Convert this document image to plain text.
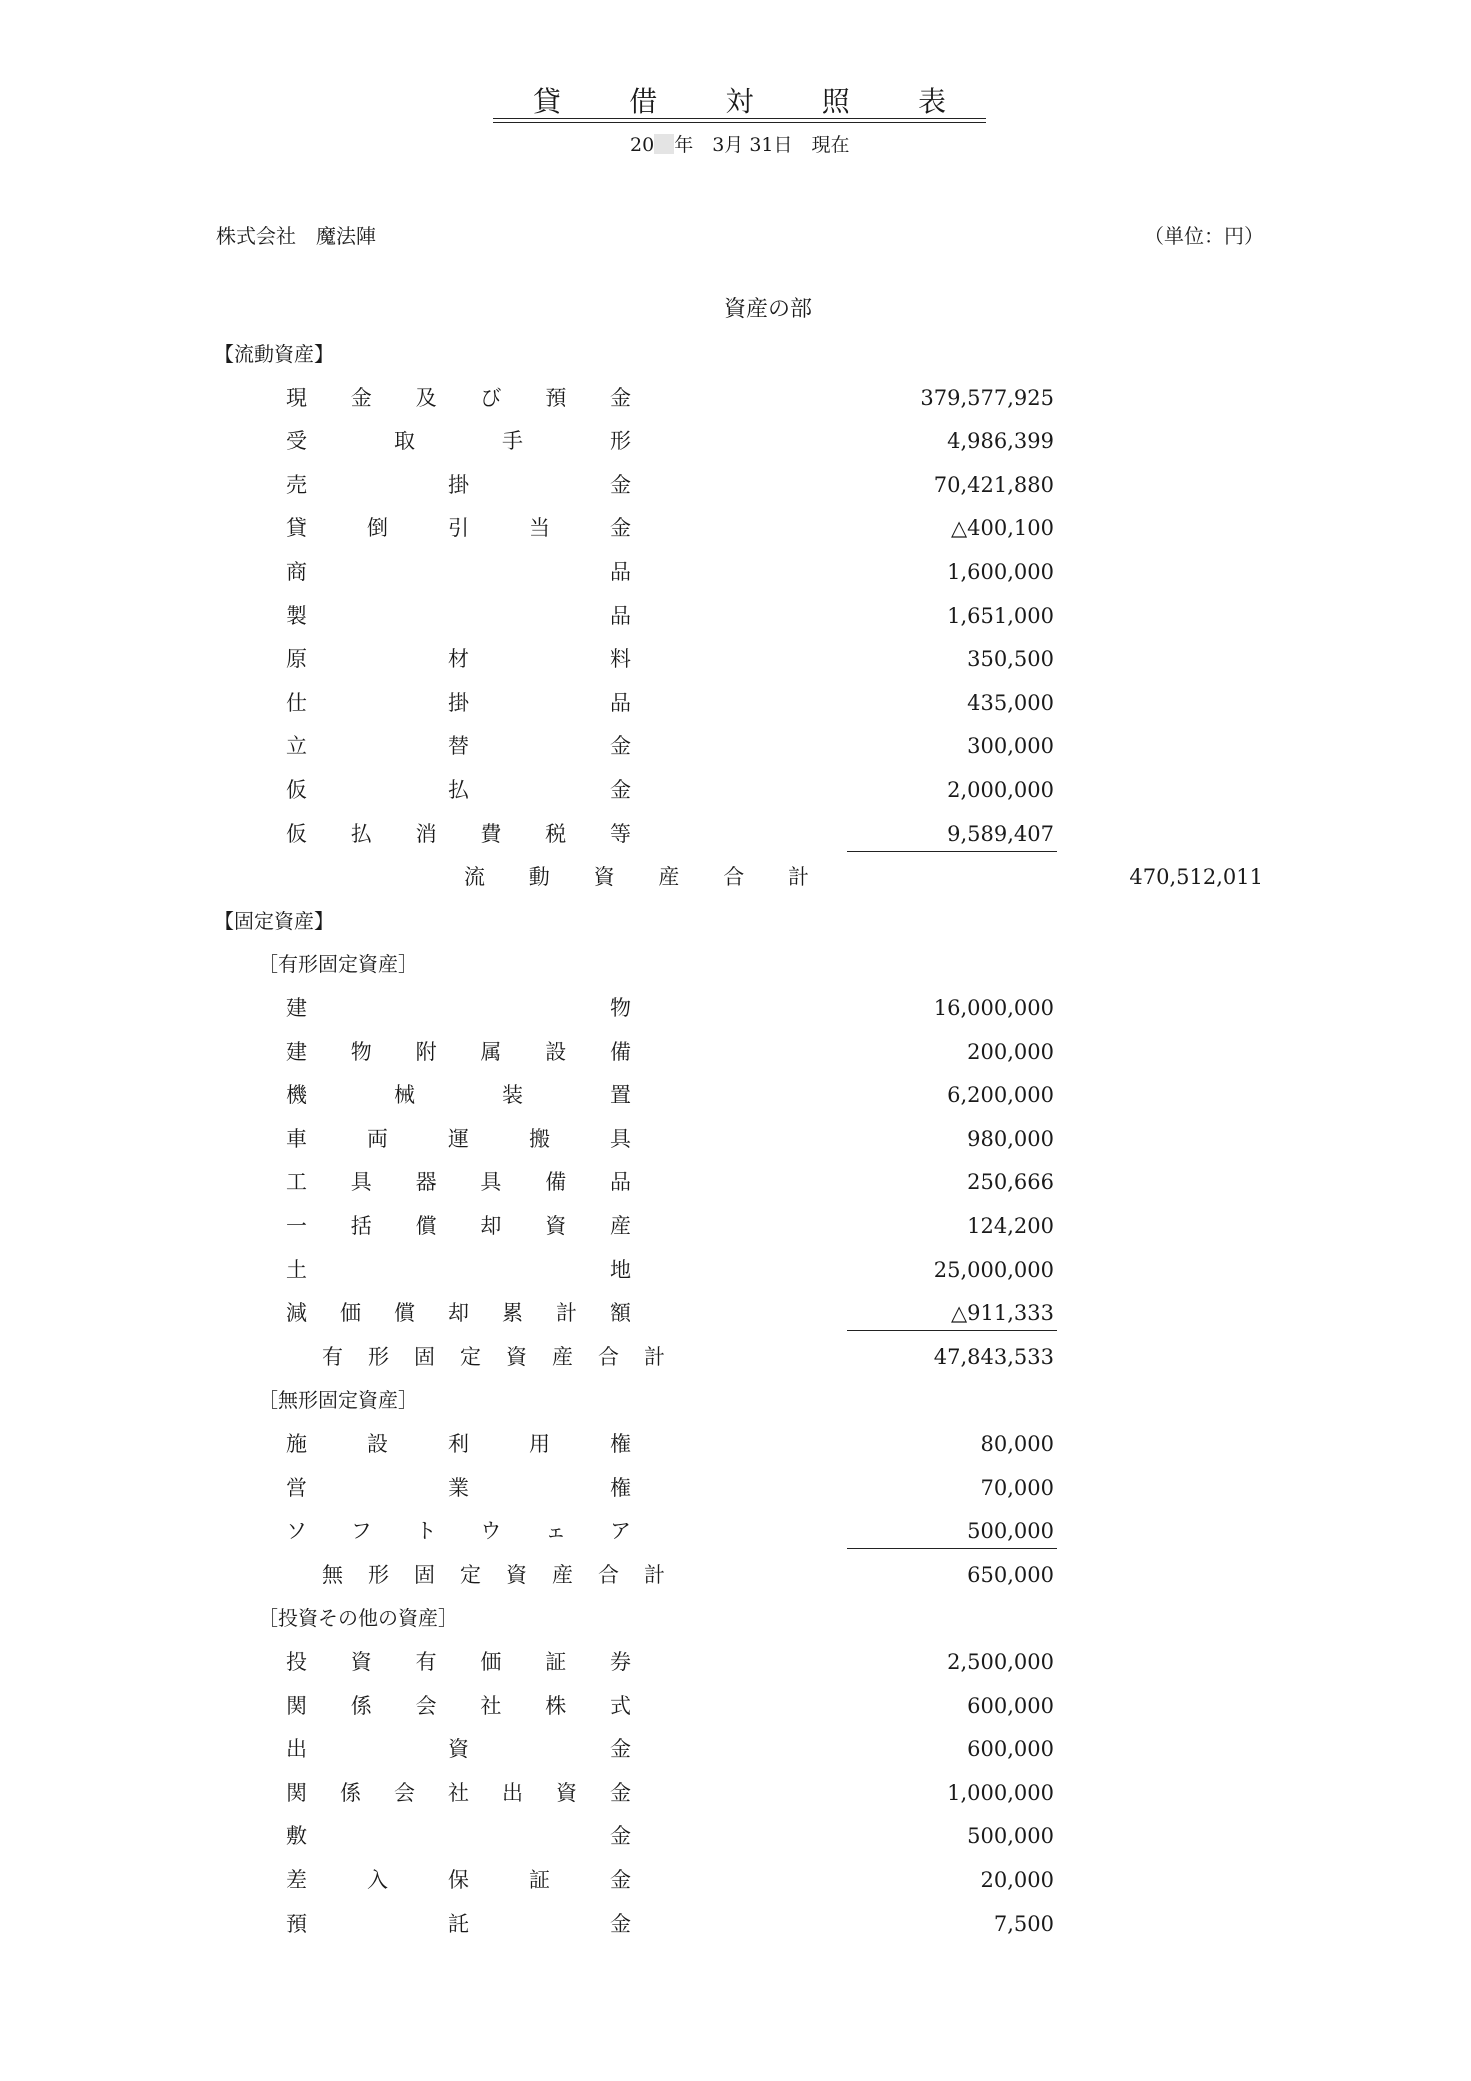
貸 借 対 照 表
20 年　3月 31日　現在
株式会社　魔法陣	（単位：円）
資産の部
【流動資産】
現 金 及 び 預 金	379,577,925
受	取	手	形	4,986,399
売	掛	金	70,421,880
貸	倒	引	当	金	△400,100
商	品	1,600,000
製	品	1,651,000
原	材	料	350,500
仕	掛	品	435,000
立	替	金	300,000
仮	払	金	2,000,000
仮 払 消 費 税 等	9,589,407
流 動 資 産 合 計	470,512,011
【固定資産】
［有形固定資産］
建	物	16,000,000
建 物 附 属 設 備	200,000
機	械	装	置	6,200,000
車	両	運	搬	具	980,000
工 具 器 具 備 品	250,666
一 括 償 却 資 産	124,200
土	地	25,000,000
減 価 償 却 累 計 額	△911,333
有 形 固 定 資 産 合 計	47,843,533
［無形固定資産］
施	設	利	用	権	80,000
営	業	権	70,000
ソ フ ト ウ ェ ア	500,000
無 形 固 定 資 産 合 計	650,000
［投資その他の資産］
投 資 有 価 証 券	2,500,000
関 係 会 社 株 式	600,000
出	資	金	600,000
関 係 会 社 出 資 金	1,000,000
敷	金	500,000
差	入	保	証	金	20,000
預	託	金	7,500
